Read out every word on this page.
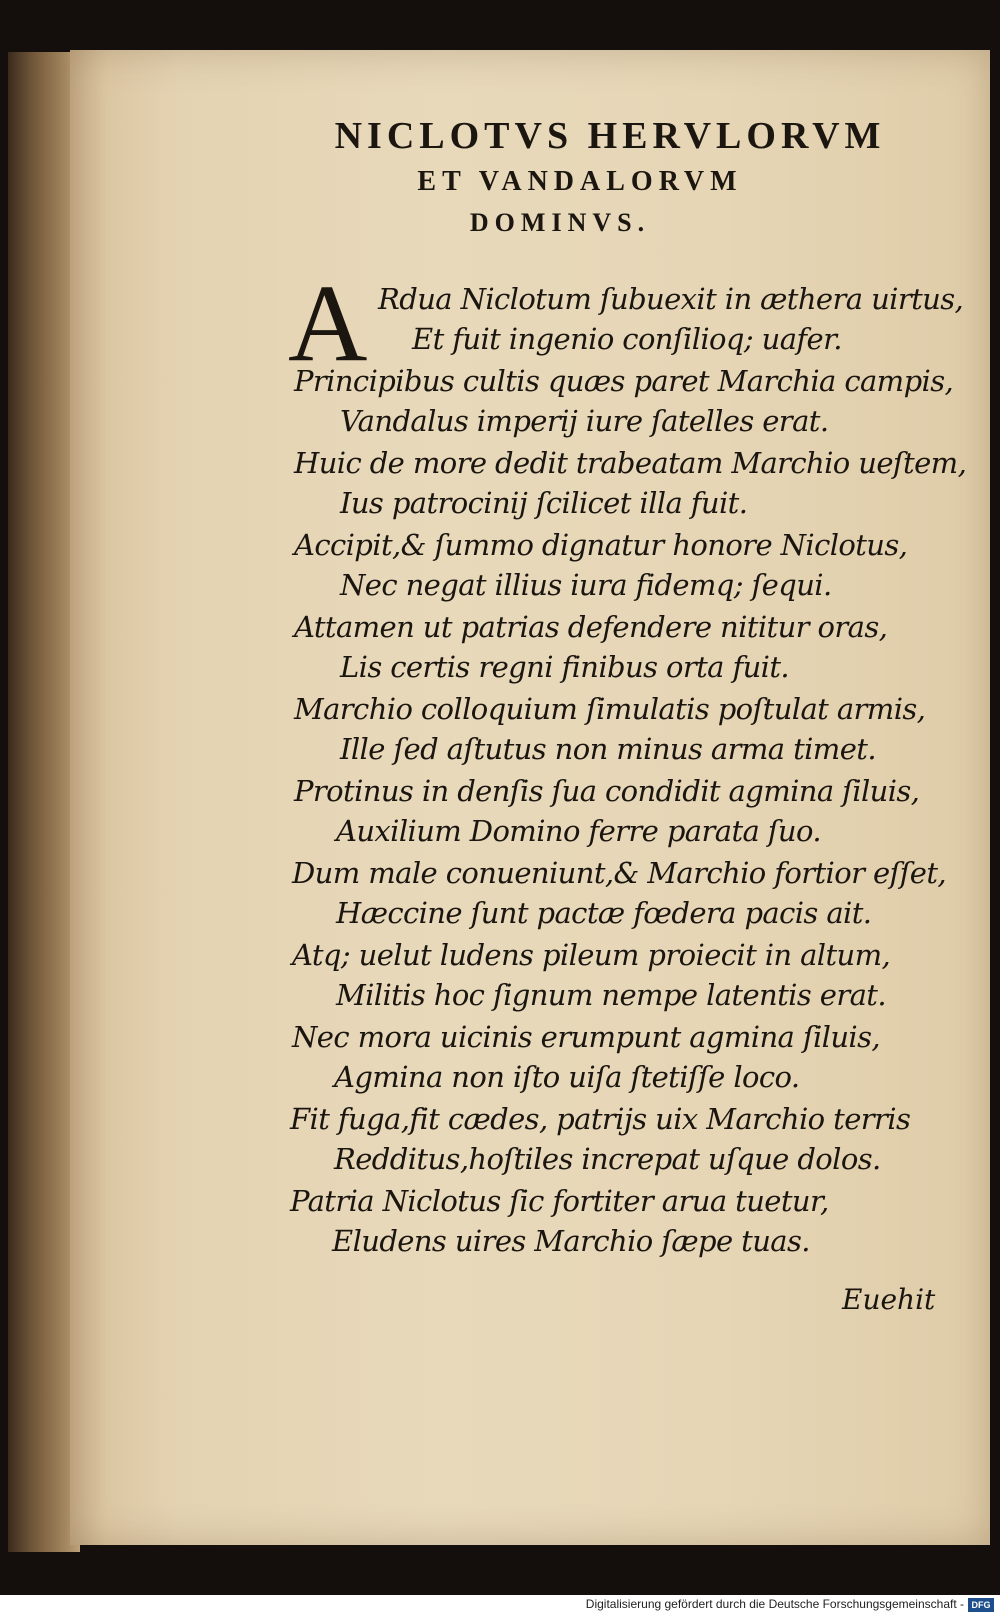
NICLOTVS HERVLORVM
ET VANDALORVM
DOMINVS.
A Rdua Niclotum ſubuexit in æthera uirtus,
Et fuit ingenio conſilioq; uafer.
Principibus cultis quæs paret Marchia campis,
Vandalus imperij iure ſatelles erat.
Huic de more dedit trabeatam Marchio ueſtem,
Ius patrocinij ſcilicet illa fuit.
Accipit,& ſummo dignatur honore Niclotus,
Nec negat illius iura fidemq; ſequi.
Attamen ut patrias defendere nititur oras,
Lis certis regni finibus orta fuit.
Marchio colloquium ſimulatis poſtulat armis,
Ille ſed aſtutus non minus arma timet.
Protinus in denſis ſua condidit agmina ſiluis,
Auxilium Domino ferre parata ſuo.
Dum male conueniunt,& Marchio fortior eſſet,
Hæccine ſunt pactæ fœdera pacis ait.
Atq; uelut ludens pileum proiecit in altum,
Militis hoc ſignum nempe latentis erat.
Nec mora uicinis erumpunt agmina ſiluis,
Agmina non iſto uiſa ſtetiſſe loco.
Fit fuga,fit cædes, patrijs uix Marchio terris
Redditus,hoſtiles increpat uſque dolos.
Patria Niclotus ſic fortiter arua tuetur,
Eludens uires Marchio ſæpe tuas.
Euehit
Digitalisierung gefördert durch die Deutsche Forschungsgemeinschaft - DFG
